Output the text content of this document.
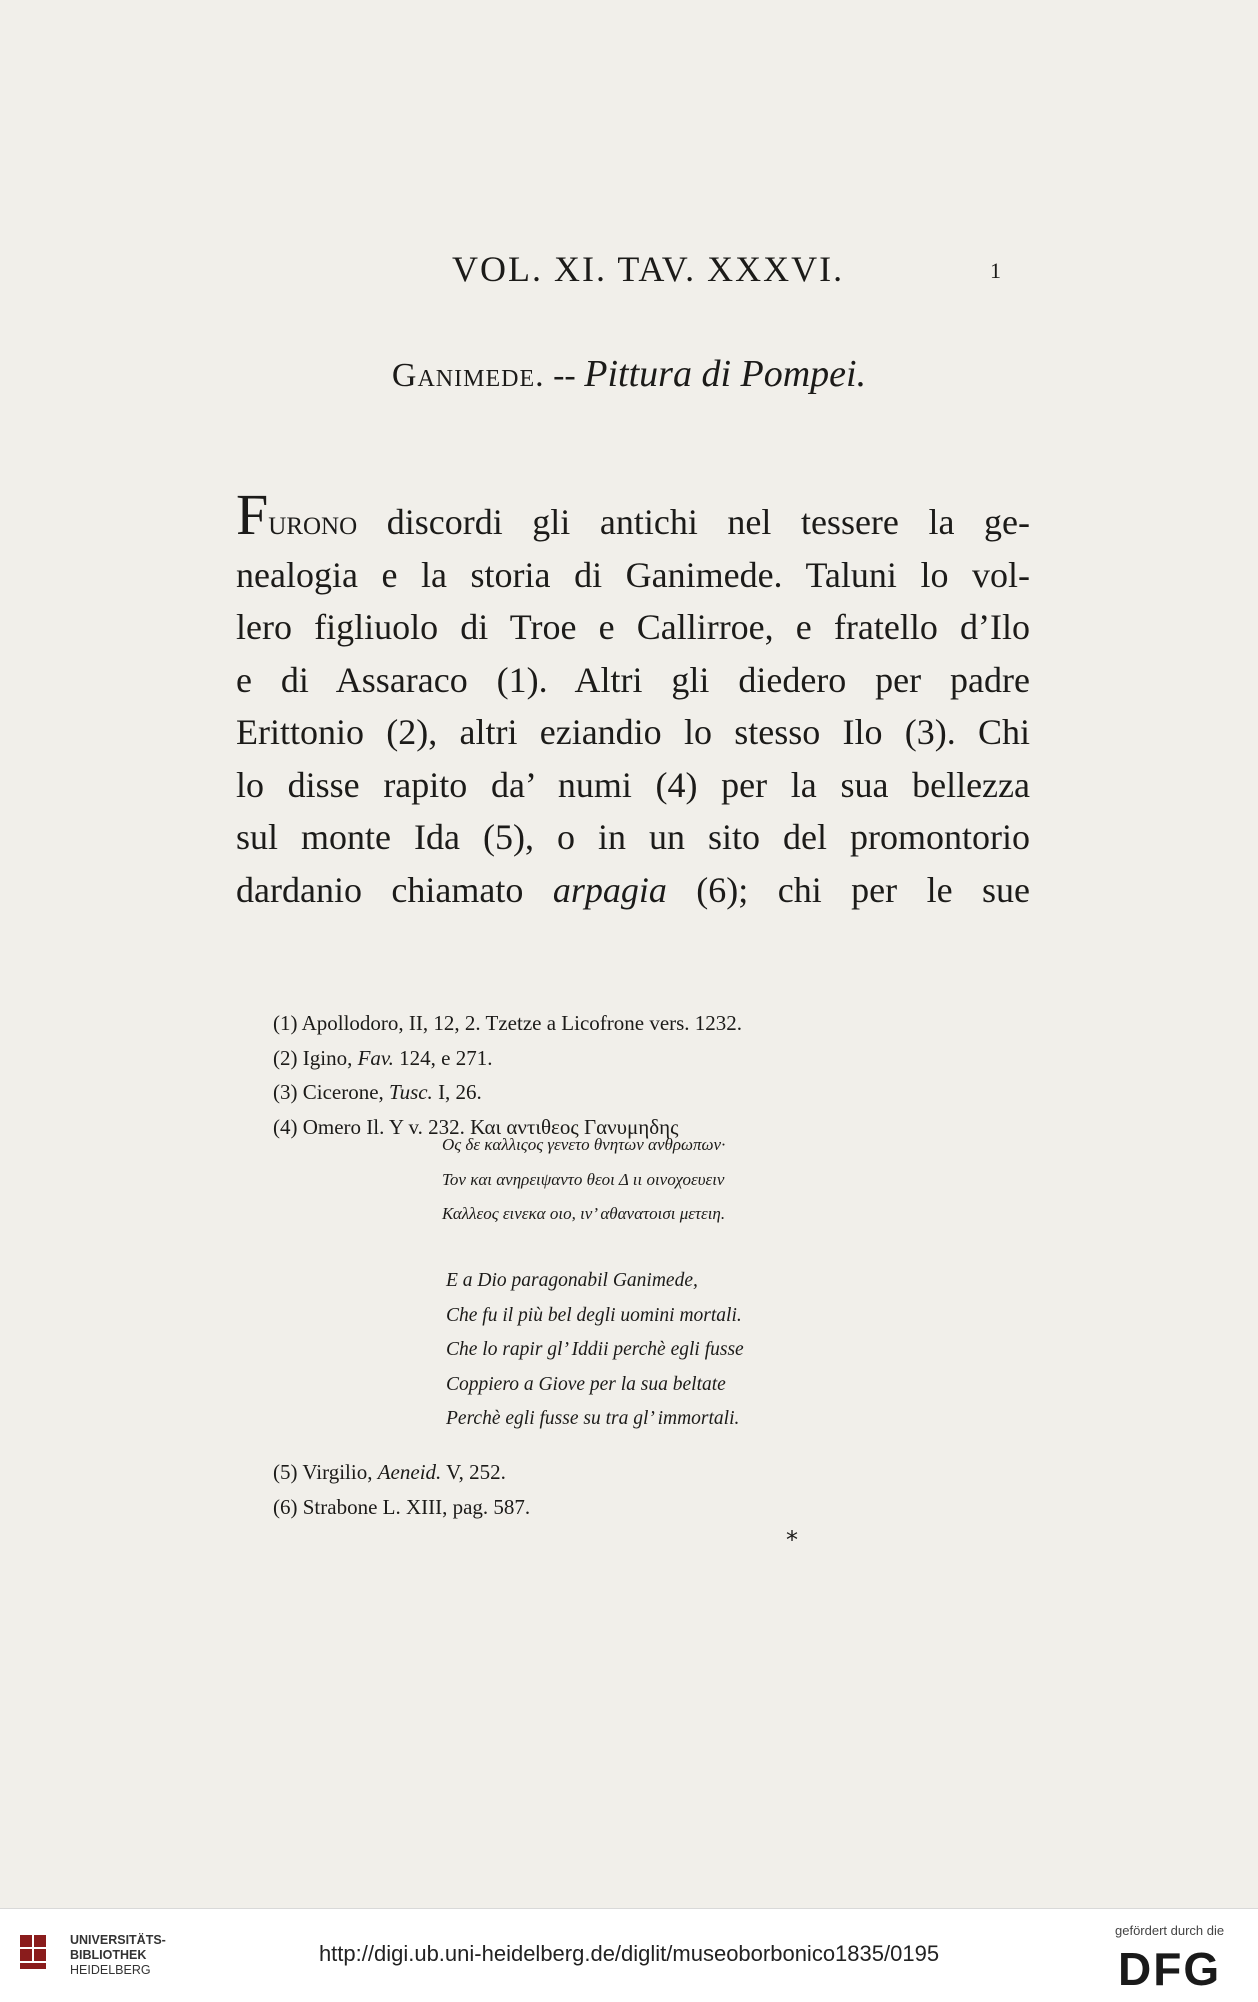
VOL. XI. TAV. XXXVI.	1
Ganimede. -- Pittura di Pompei.
Furono discordi gli antichi nel tessere la ge-
nealogia e la storia di Ganimede. Taluni lo vol-
lero figliuolo di Troe e Callirroe, e fratello d’Ilo
e di Assaraco (1). Altri gli diedero per padre
Erittonio (2), altri eziandio lo stesso Ilo (3). Chi
lo disse rapito da’ numi (4) per la sua bellezza
sul monte Ida (5), o in un sito del promontorio
dardanio chiamato arpagia (6); chi per le sue
(1) Apollodoro, II, 12, 2. Tzetze a Licofrone vers. 1232.
(2) Igino, Fav. 124, e 271.
(3) Cicerone, Tusc. I, 26.
(4) Omero Il. Y v. 232. Και αντιθεος Γανυμηδης
Ος δε καλλιςος γενετο θνητων ανθρωπων·
Τον και ανηρειψαντο θεοι Δ ιι οινοχοευειν
Καλλεος εινεκα οιο, ιν’ αθανατοισι μετειη.
E a Dio paragonabil Ganimede,
Che fu il più bel degli uomini mortali.
Che lo rapir gl’ Iddii perchè egli fusse
Coppiero a Giove per la sua beltate
Perchè egli fusse su tra gl’ immortali.
(5) Virgilio, Aeneid. V, 252.
(6) Strabone L. XIII, pag. 587.
*
UNIVERSITÄTS-
BIBLIOTHEK
HEIDELBERG
http://digi.ub.uni-heidelberg.de/diglit/museoborbonico1835/0195
gefördert durch die
DFG
